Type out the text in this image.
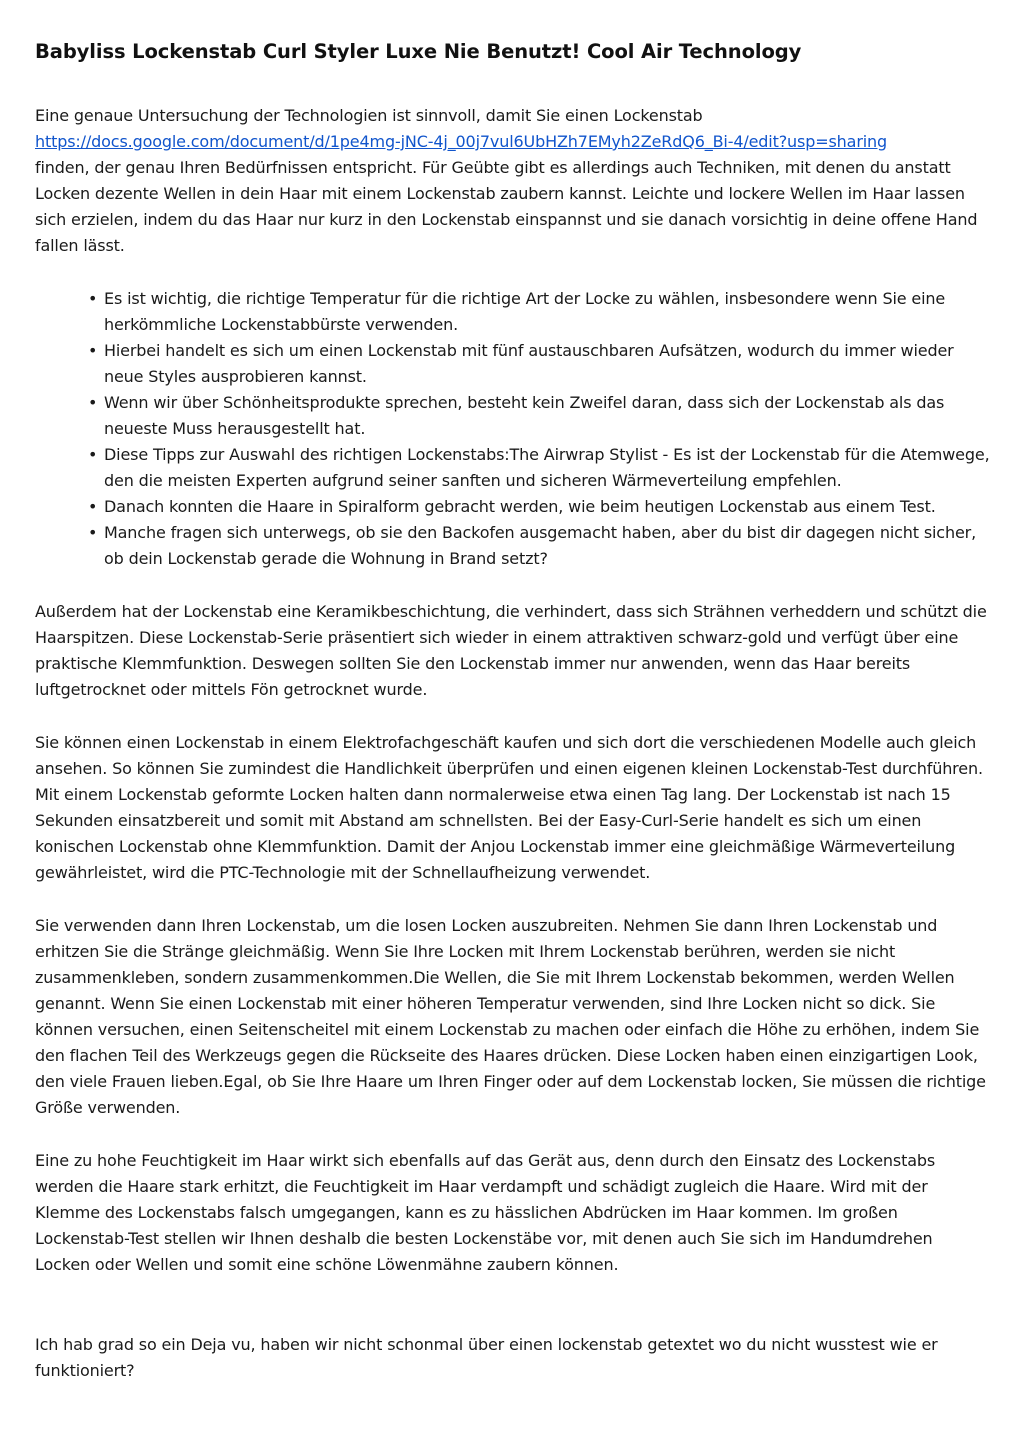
Babyliss Lockenstab Curl Styler Luxe Nie Benutzt! Cool Air Technology

Eine genaue Untersuchung der Technologien ist sinnvoll, damit Sie einen Lockenstab
https://docs.google.com/document/d/1pe4mg-jNC-4j_00j7vul6UbHZh7EMyh2ZeRdQ6_Bi-4/edit?usp=sharing
finden, der genau Ihren Bedürfnissen entspricht. Für Geübte gibt es allerdings auch Techniken, mit denen du anstatt Locken dezente Wellen in dein Haar mit einem Lockenstab zaubern kannst. Leichte und lockere Wellen im Haar lassen sich erzielen, indem du das Haar nur kurz in den Lockenstab einspannst und sie danach vorsichtig in deine offene Hand fallen lässt.

• Es ist wichtig, die richtige Temperatur für die richtige Art der Locke zu wählen, insbesondere wenn Sie eine herkömmliche Lockenstabbürste verwenden.
• Hierbei handelt es sich um einen Lockenstab mit fünf austauschbaren Aufsätzen, wodurch du immer wieder neue Styles ausprobieren kannst.
• Wenn wir über Schönheitsprodukte sprechen, besteht kein Zweifel daran, dass sich der Lockenstab als das neueste Muss herausgestellt hat.
• Diese Tipps zur Auswahl des richtigen Lockenstabs:The Airwrap Stylist - Es ist der Lockenstab für die Atemwege, den die meisten Experten aufgrund seiner sanften und sicheren Wärmeverteilung empfehlen.
• Danach konnten die Haare in Spiralform gebracht werden, wie beim heutigen Lockenstab aus einem Test.
• Manche fragen sich unterwegs, ob sie den Backofen ausgemacht haben, aber du bist dir dagegen nicht sicher, ob dein Lockenstab gerade die Wohnung in Brand setzt?

Außerdem hat der Lockenstab eine Keramikbeschichtung, die verhindert, dass sich Strähnen verheddern und schützt die Haarspitzen. Diese Lockenstab-Serie präsentiert sich wieder in einem attraktiven schwarz-gold und verfügt über eine praktische Klemmfunktion. Deswegen sollten Sie den Lockenstab immer nur anwenden, wenn das Haar bereits luftgetrocknet oder mittels Fön getrocknet wurde.

Sie können einen Lockenstab in einem Elektrofachgeschäft kaufen und sich dort die verschiedenen Modelle auch gleich ansehen. So können Sie zumindest die Handlichkeit überprüfen und einen eigenen kleinen Lockenstab-Test durchführen. Mit einem Lockenstab geformte Locken halten dann normalerweise etwa einen Tag lang. Der Lockenstab ist nach 15 Sekunden einsatzbereit und somit mit Abstand am schnellsten. Bei der Easy-Curl-Serie handelt es sich um einen konischen Lockenstab ohne Klemmfunktion. Damit der Anjou Lockenstab immer eine gleichmäßige Wärmeverteilung gewährleistet, wird die PTC-Technologie mit der Schnellaufheizung verwendet.

Sie verwenden dann Ihren Lockenstab, um die losen Locken auszubreiten. Nehmen Sie dann Ihren Lockenstab und erhitzen Sie die Stränge gleichmäßig. Wenn Sie Ihre Locken mit Ihrem Lockenstab berühren, werden sie nicht zusammenkleben, sondern zusammenkommen.Die Wellen, die Sie mit Ihrem Lockenstab bekommen, werden Wellen genannt. Wenn Sie einen Lockenstab mit einer höheren Temperatur verwenden, sind Ihre Locken nicht so dick. Sie können versuchen, einen Seitenscheitel mit einem Lockenstab zu machen oder einfach die Höhe zu erhöhen, indem Sie den flachen Teil des Werkzeugs gegen die Rückseite des Haares drücken. Diese Locken haben einen einzigartigen Look, den viele Frauen lieben.Egal, ob Sie Ihre Haare um Ihren Finger oder auf dem Lockenstab locken, Sie müssen die richtige Größe verwenden.

Eine zu hohe Feuchtigkeit im Haar wirkt sich ebenfalls auf das Gerät aus, denn durch den Einsatz des Lockenstabs werden die Haare stark erhitzt, die Feuchtigkeit im Haar verdampft und schädigt zugleich die Haare. Wird mit der Klemme des Lockenstabs falsch umgegangen, kann es zu hässlichen Abdrücken im Haar kommen. Im großen Lockenstab-Test stellen wir Ihnen deshalb die besten Lockenstäbe vor, mit denen auch Sie sich im Handumdrehen Locken oder Wellen und somit eine schöne Löwenmähne zaubern können.

Ich hab grad so ein Deja vu, haben wir nicht schonmal über einen lockenstab getextet wo du nicht wusstest wie er funktioniert?
